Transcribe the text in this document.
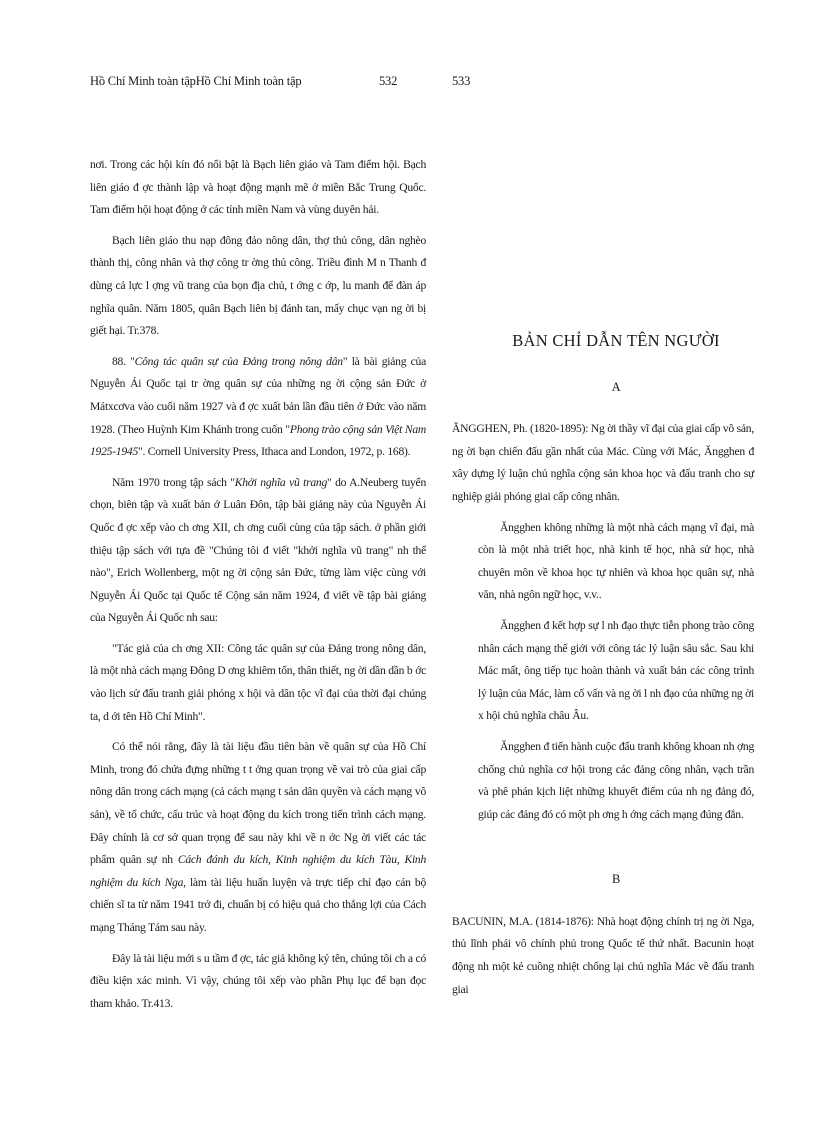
Hồ Chí Minh toàn tậpHồ Chí Minh toàn tập	532	533

nơi. Trong các hội kín đó nổi bật là Bạch liên giáo và Tam điểm hội. Bạch liên giáo đ ợc thành lập và hoạt động mạnh mẽ ở miền Bắc Trung Quốc. Tam điểm hội hoạt động ở các tỉnh miền Nam và vùng duyên hải.

Bạch liên giáo thu nạp đông đảo nông dân, thợ thủ công, dân nghèo thành thị, công nhân và thợ công tr ờng thủ công. Triều đình M n Thanh đ dùng cả lực l ợng vũ trang của bọn địa chủ, t ớng c ớp, lu manh để đàn áp nghĩa quân. Năm 1805, quân Bạch liên bị đánh tan, mấy chục vạn ng ời bị giết hại. Tr.378.

88. "Công tác quân sự của Đảng trong nông dân" là bài giảng của Nguyễn Ái Quốc tại tr ờng quân sự của những ng ời cộng sản Đức ở Mátxcơva vào cuối năm 1927 và đ ợc xuất bản lần đầu tiên ở Đức vào năm 1928. (Theo Huỳnh Kim Khánh trong cuốn "Phong trào cộng sản Việt Nam 1925-1945". Cornell University Press, Ithaca and London, 1972, p. 168).

Năm 1970 trong tập sách "Khởi nghĩa vũ trang" do A.Neuberg tuyển chọn, biên tập và xuất bản ở Luân Đôn, tập bài giảng này của Nguyễn Ái Quốc đ ợc xếp vào ch ơng XII, ch ơng cuối cùng của tập sách. ở phần giới thiệu tập sách với tựa đề "Chúng tôi đ viết "khởi nghĩa vũ trang" nh thế nào", Erich Wollenberg, một ng ời cộng sản Đức, từng làm việc cùng với Nguyễn Ái Quốc tại Quốc tế Cộng sản năm 1924, đ viết về tập bài giảng của Nguyễn Ái Quốc nh sau:

"Tác giả của ch ơng XII: Công tác quân sự của Đảng trong nông dân, là một nhà cách mạng Đông D ơng khiêm tốn, thân thiết, ng ời dần dần b ớc vào lịch sử đấu tranh giải phóng x hội và dân tộc vĩ đại của thời đại chúng ta, d ới tên Hồ Chí Minh".

Có thể nói rằng, đây là tài liệu đầu tiên bàn về quân sự của Hồ Chí Minh, trong đó chứa đựng những t t ởng quan trọng về vai trò của giai cấp nông dân trong cách mạng (cả cách mạng t sản dân quyền và cách mạng vô sản), về tổ chức, cấu trúc và hoạt động du kích trong tiến trình cách mạng. Đây chính là cơ sở quan trọng để sau này khi về n ớc Ng ời viết các tác phẩm quân sự nh Cách đánh du kích, Kinh nghiệm du kích Tàu, Kinh nghiệm du kích Nga, làm tài liệu huấn luyện và trực tiếp chỉ đạo cán bộ chiến sĩ ta từ năm 1941 trở đi, chuẩn bị có hiệu quả cho thắng lợi của Cách mạng Tháng Tám sau này.

Đây là tài liệu mới s u tầm đ ợc, tác giả không ký tên, chúng tôi ch a có điều kiện xác minh. Vì vậy, chúng tôi xếp vào phần Phụ lục để bạn đọc tham khảo. Tr.413.

BẢN CHỈ DẪN TÊN NGƯỜI
A

ĂNGGHEN, Ph. (1820-1895): Ng ời thầy vĩ đại của giai cấp vô sản, ng ời bạn chiến đấu gần nhất của Mác. Cùng với Mác, Ăngghen đ xây dựng lý luận chủ nghĩa cộng sản khoa học và đấu tranh cho sự nghiệp giải phóng giai cấp công nhân.

Ăngghen không những là một nhà cách mạng vĩ đại, mà còn là một nhà triết học, nhà kinh tế học, nhà sử học, nhà chuyên môn về khoa học tự nhiên và khoa học quân sự, nhà văn, nhà ngôn ngữ học, v.v..

Ăngghen đ kết hợp sự l nh đạo thực tiễn phong trào công nhân cách mạng thế giới với công tác lý luận sâu sắc. Sau khi Mác mất, ông tiếp tục hoàn thành và xuất bản các công trình lý luận của Mác, làm cố vấn và ng ời l nh đạo của những ng ời x hội chủ nghĩa châu Âu.

Ăngghen đ tiến hành cuộc đấu tranh không khoan nh ợng chống chủ nghĩa cơ hội trong các đảng công nhân, vạch trần và phê phán kịch liệt những khuyết điểm của nh ng đảng đó, giúp các đảng đó có một ph ơng h ớng cách mạng đúng đắn.

B

BACUNIN, M.A. (1814-1876): Nhà hoạt động chính trị ng ời Nga, thủ lĩnh phái vô chính phủ trong Quốc tế thứ nhất. Bacunin hoạt động nh một kẻ cuồng nhiệt chống lại chủ nghĩa Mác về đấu tranh giai
